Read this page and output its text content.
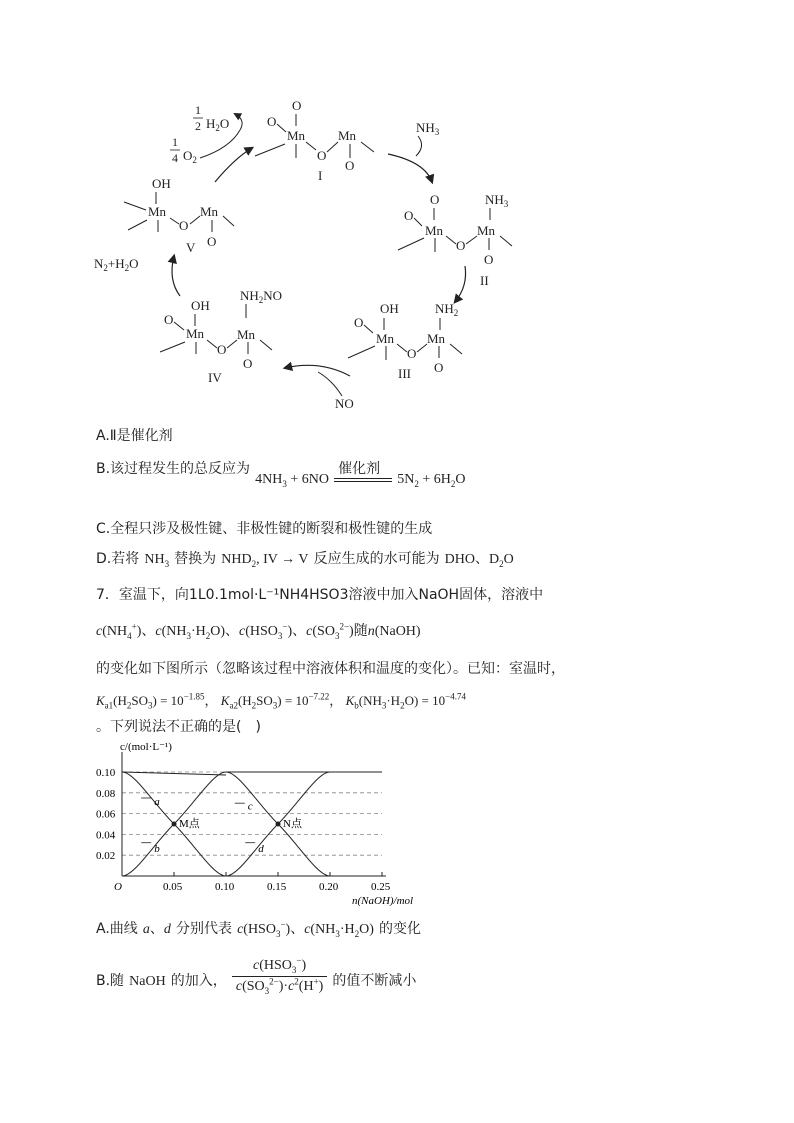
O
O
Mn
O
Mn
O
I
$NH_3$
O
O
Mn
O
Mn
O
II
$NH_2$
OH
O
Mn
O
Mn
O
III
$NH_2NO$
OH
O
Mn
O
Mn
O
IV
OH
Mn
O
Mn
O
V
$NH_3$
NO
$N_2+H_2O$
1
4 $O_2$
1
2 $H_2O$
A.Ⅱ是催化剂
B.该过程发生的总反应为 $4NH_3 + 6NO$
催化剂
$5N_2 + 6H_2O$
C.全程只涉及极性键、非极性键的断裂和极性键的生成
D.若将 $NH_3$ 替换为 $NHD_2$, IV → V 反应生成的水可能为 DHO、$D_2O$
7．室温下，向1L0.1mol·L⁻¹NH4HSO3溶液中加入NaOH固体，溶液中
$c(NH_4^+)$、$c(NH_3\cdot H_2O)$、$c(HSO_3^-)$、$c(SO_3^{2-})$随n(NaOH)
的变化如下图所示（忽略该过程中溶液体积和温度的变化）。已知：室温时，
$K_{a1}(H_2SO_3) = 10^{-1.85}$， $K_{a2}(H_2SO_3) = 10^{-7.22}$， $K_b(NH_3\cdot H_2O) = 10^{-4.74}$
。下列说法不正确的是(　)
0.02
0.04
0.06
0.08
0.10
O	0.05	0.10	0.15	0.20	0.25
c/(mol·L⁻¹)
n(NaOH)/mol
a
b
c
d
M点	N点
A.曲线 a、d 分别代表 $c(HSO_3^-)$、$c(NH_3\cdot H_2O)$ 的变化
B.随 NaOH 的加入，
$c(HSO_3^-)$
$c(SO_3^{2-})\cdot c^2(H^+)$ 的值不断减小
